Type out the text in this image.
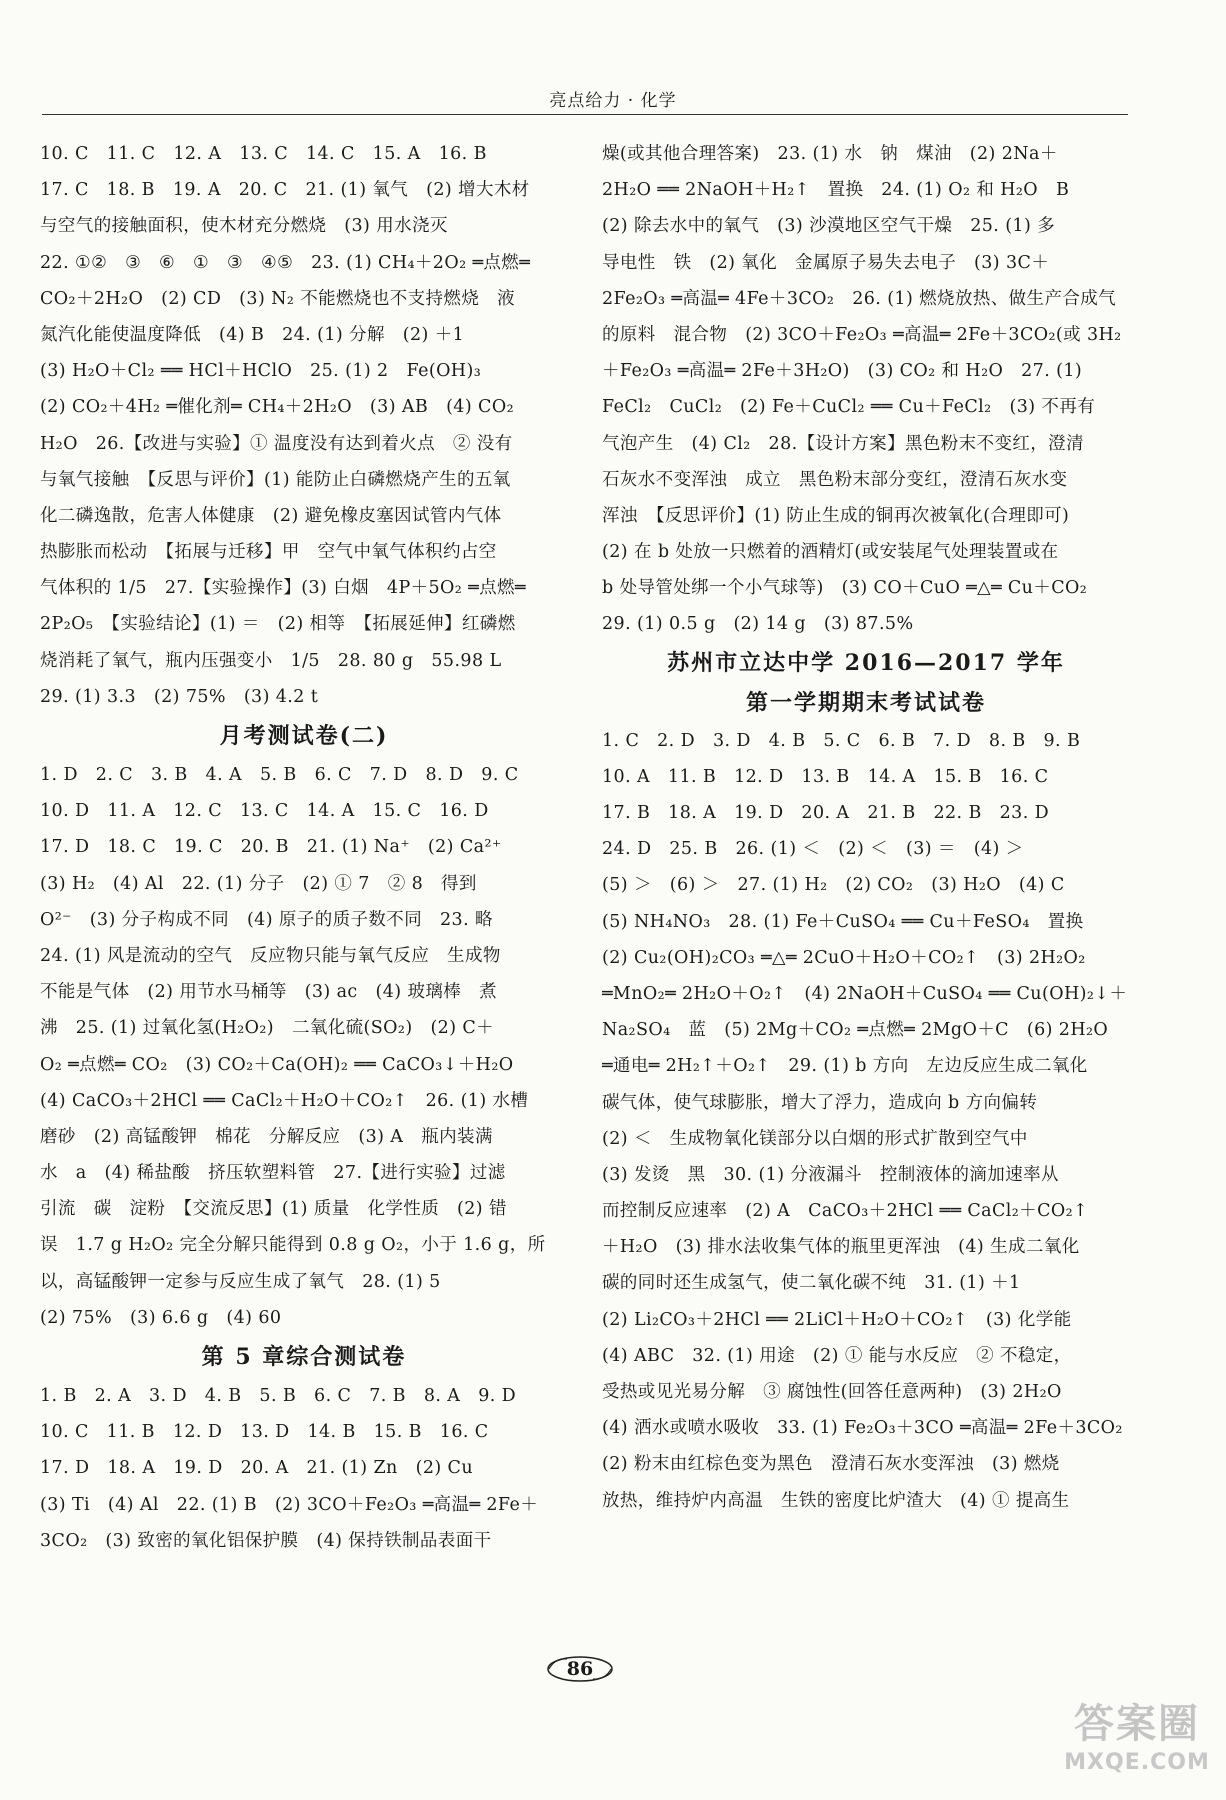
亮点给力 · 化学
10. C　11. C　12. A　13. C　14. C　15. A　16. B
17. C　18. B　19. A　20. C　21. (1) 氧气　(2) 增大木材
与空气的接触面积，使木材充分燃烧　(3) 用水浇灭
22. ①②　③　⑥　①　③　④⑤　23. (1) CH₄＋2O₂ ═点燃═
CO₂＋2H₂O　(2) CD　(3) N₂ 不能燃烧也不支持燃烧　液
氮汽化能使温度降低　(4) B　24. (1) 分解　(2) ＋1
(3) H₂O＋Cl₂ ══ HCl＋HClO　25. (1) 2　Fe(OH)₃
(2) CO₂＋4H₂ ═催化剂═ CH₄＋2H₂O　(3) AB　(4) CO₂
H₂O　26.【改进与实验】① 温度没有达到着火点　② 没有
与氧气接触　【反思与评价】(1) 能防止白磷燃烧产生的五氧
化二磷逸散，危害人体健康　(2) 避免橡皮塞因试管内气体
热膨胀而松动　【拓展与迁移】甲　空气中氧气体积约占空
气体积的 1/5　27.【实验操作】(3) 白烟　4P＋5O₂ ═点燃═
2P₂O₅　【实验结论】(1) ＝　(2) 相等　【拓展延伸】红磷燃
烧消耗了氧气，瓶内压强变小　1/5　28. 80 g　55.98 L
29. (1) 3.3　(2) 75%　(3) 4.2 t
月考测试卷(二)
1. D　2. C　3. B　4. A　5. B　6. C　7. D　8. D　9. C
10. D　11. A　12. C　13. C　14. A　15. C　16. D
17. D　18. C　19. C　20. B　21. (1) Na⁺　(2) Ca²⁺
(3) H₂　(4) Al　22. (1) 分子　(2) ① 7　② 8　得到
O²⁻　(3) 分子构成不同　(4) 原子的质子数不同　23. 略
24. (1) 风是流动的空气　反应物只能与氧气反应　生成物
不能是气体　(2) 用节水马桶等　(3) ac　(4) 玻璃棒　煮
沸　25. (1) 过氧化氢(H₂O₂)　二氧化硫(SO₂)　(2) C＋
O₂ ═点燃═ CO₂　(3) CO₂＋Ca(OH)₂ ══ CaCO₃↓＋H₂O
(4) CaCO₃＋2HCl ══ CaCl₂＋H₂O＋CO₂↑　26. (1) 水槽
磨砂　(2) 高锰酸钾　棉花　分解反应　(3) A　瓶内装满
水　a　(4) 稀盐酸　挤压软塑料管　27.【进行实验】过滤
引流　碳　淀粉　【交流反思】(1) 质量　化学性质　(2) 错
误　1.7 g H₂O₂ 完全分解只能得到 0.8 g O₂，小于 1.6 g，所
以，高锰酸钾一定参与反应生成了氧气　28. (1) 5
(2) 75%　(3) 6.6 g　(4) 60
第 5 章综合测试卷
1. B　2. A　3. D　4. B　5. B　6. C　7. B　8. A　9. D
10. C　11. B　12. D　13. D　14. B　15. B　16. C
17. D　18. A　19. D　20. A　21. (1) Zn　(2) Cu
(3) Ti　(4) Al　22. (1) B　(2) 3CO＋Fe₂O₃ ═高温═ 2Fe＋
3CO₂　(3) 致密的氧化铝保护膜　(4) 保持铁制品表面干
燥(或其他合理答案)　23. (1) 水　钠　煤油　(2) 2Na＋
2H₂O ══ 2NaOH＋H₂↑　置换　24. (1) O₂ 和 H₂O　B
(2) 除去水中的氧气　(3) 沙漠地区空气干燥　25. (1) 多
导电性　铁　(2) 氧化　金属原子易失去电子　(3) 3C＋
2Fe₂O₃ ═高温═ 4Fe＋3CO₂　26. (1) 燃烧放热、做生产合成气
的原料　混合物　(2) 3CO＋Fe₂O₃ ═高温═ 2Fe＋3CO₂(或 3H₂
＋Fe₂O₃ ═高温═ 2Fe＋3H₂O)　(3) CO₂ 和 H₂O　27. (1)
FeCl₂　CuCl₂　(2) Fe＋CuCl₂ ══ Cu＋FeCl₂　(3) 不再有
气泡产生　(4) Cl₂　28.【设计方案】黑色粉末不变红，澄清
石灰水不变浑浊　成立　黑色粉末部分变红，澄清石灰水变
浑浊　【反思评价】(1) 防止生成的铜再次被氧化(合理即可)
(2) 在 b 处放一只燃着的酒精灯(或安装尾气处理装置或在
b 处导管处绑一个小气球等)　(3) CO＋CuO ═△═ Cu＋CO₂
29. (1) 0.5 g　(2) 14 g　(3) 87.5%
苏州市立达中学 2016—2017 学年
第一学期期末考试试卷
1. C　2. D　3. D　4. B　5. C　6. B　7. D　8. B　9. B
10. A　11. B　12. D　13. B　14. A　15. B　16. C
17. B　18. A　19. D　20. A　21. B　22. B　23. D
24. D　25. B　26. (1) ＜　(2) ＜　(3) ＝　(4) ＞
(5) ＞　(6) ＞　27. (1) H₂　(2) CO₂　(3) H₂O　(4) C
(5) NH₄NO₃　28. (1) Fe＋CuSO₄ ══ Cu＋FeSO₄　置换
(2) Cu₂(OH)₂CO₃ ═△═ 2CuO＋H₂O＋CO₂↑　(3) 2H₂O₂
═MnO₂═ 2H₂O＋O₂↑　(4) 2NaOH＋CuSO₄ ══ Cu(OH)₂↓＋
Na₂SO₄　蓝　(5) 2Mg＋CO₂ ═点燃═ 2MgO＋C　(6) 2H₂O
═通电═ 2H₂↑＋O₂↑　29. (1) b 方向　左边反应生成二氧化
碳气体，使气球膨胀，增大了浮力，造成向 b 方向偏转
(2) ＜　生成物氧化镁部分以白烟的形式扩散到空气中
(3) 发烫　黑　30. (1) 分液漏斗　控制液体的滴加速率从
而控制反应速率　(2) A　CaCO₃＋2HCl ══ CaCl₂＋CO₂↑
＋H₂O　(3) 排水法收集气体的瓶里更浑浊　(4) 生成二氧化
碳的同时还生成氢气，使二氧化碳不纯　31. (1) ＋1
(2) Li₂CO₃＋2HCl ══ 2LiCl＋H₂O＋CO₂↑　(3) 化学能
(4) ABC　32. (1) 用途　(2) ① 能与水反应　② 不稳定，
受热或见光易分解　③ 腐蚀性(回答任意两种)　(3) 2H₂O
(4) 洒水或喷水吸收　33. (1) Fe₂O₃＋3CO ═高温═ 2Fe＋3CO₂
(2) 粉末由红棕色变为黑色　澄清石灰水变浑浊　(3) 燃烧
放热，维持炉内高温　生铁的密度比炉渣大　(4) ① 提高生
86
答案圈
MXQE.COM
